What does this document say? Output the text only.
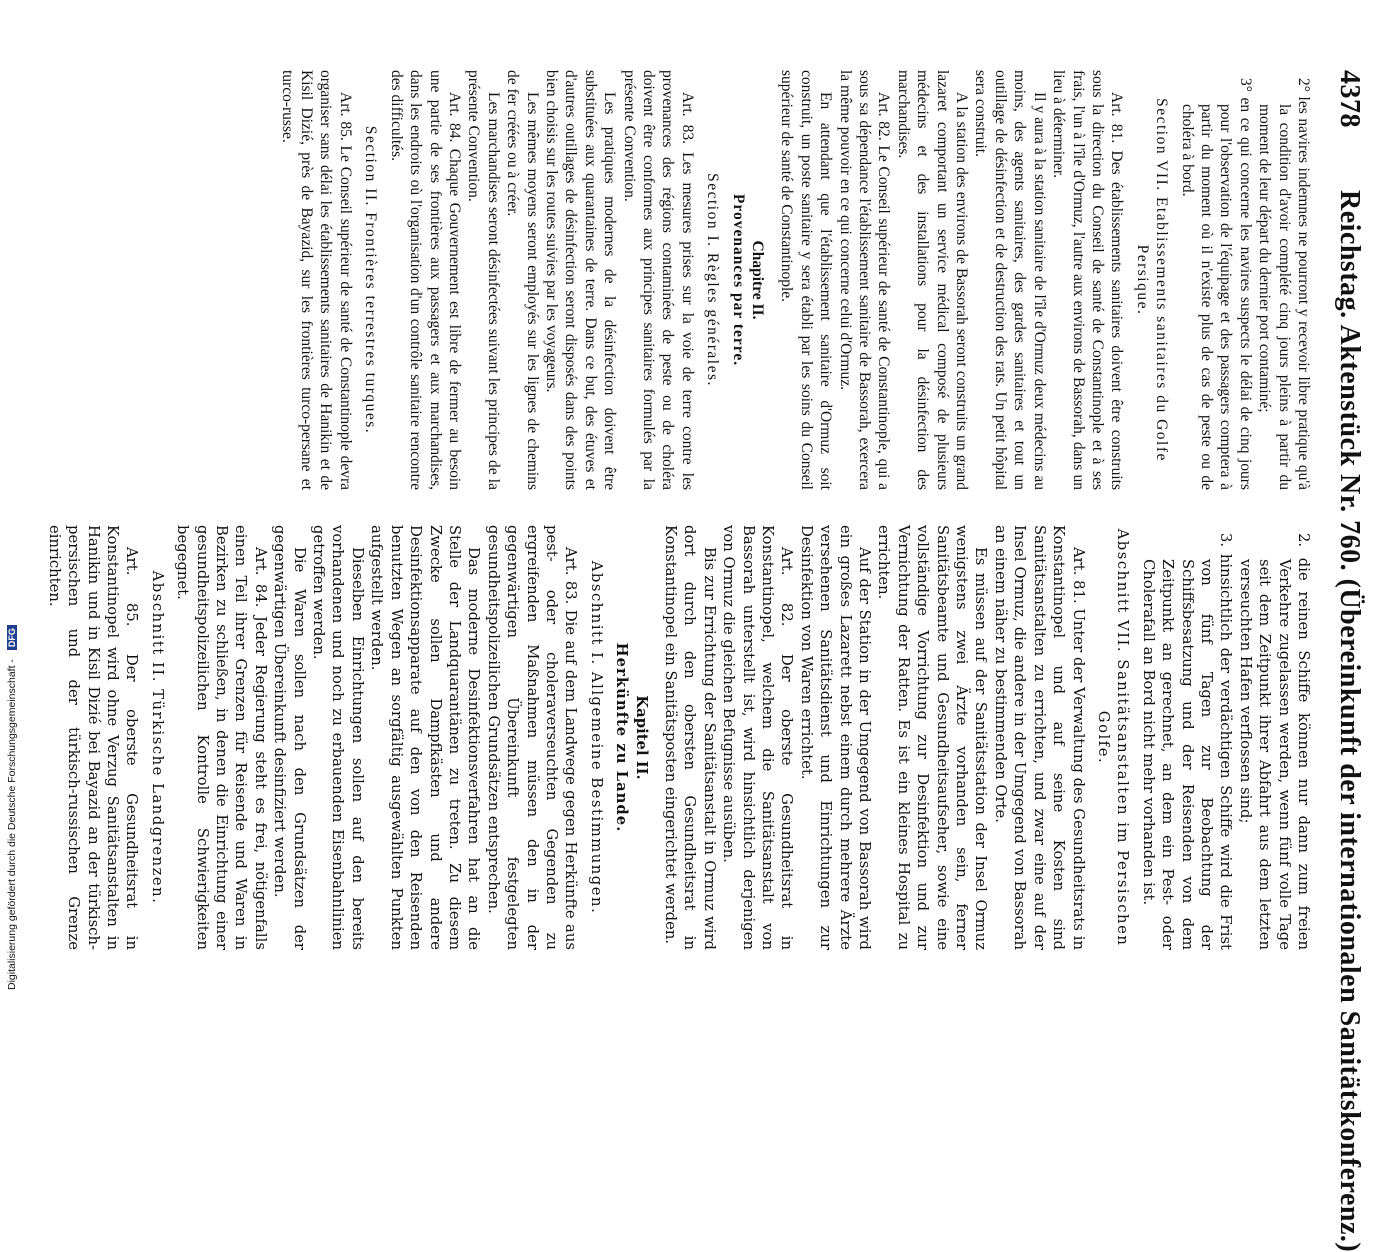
4378
Reichstag. Aktenstück Nr. 760. (Übereinkunft der internationalen Sanitätskonferenz.)

2° les navires indemnes ne pourront y recevoir libre pratique qu'à la condition d'avoir complété cinq jours pleins à partir du moment de leur départ du dernier port contaminé;

3° en ce qui concerne les navires suspects le délai de cinq jours pour l'observation de l'équipage et des passagers comptera à partir du moment où il n'existe plus de cas de peste ou de choléra à bord.

Section VII. Etablissements sanitaires du Golfe Persique.

Art. 81. Des établissements sanitaires doivent être construits sous la direction du Conseil de santé de Constantinople et à ses frais, l'un à l'île d'Ormuz, l'autre aux environs de Bassorah, dans un lieu à déterminer.

Il y aura à la station sanitaire de l'île d'Ormuz deux médecins au moins, des agents sanitaires, des gardes sanitaires et tout un outillage de désinfection et de destruction des rats. Un petit hôpital sera construit.

A la station des environs de Bassorah seront construits un grand lazaret comportant un service médical composé de plusieurs médecins et des installations pour la désinfection des marchandises.

Art. 82. Le Conseil supérieur de santé de Constantinople, qui a sous sa dépendance l'établissement sanitaire de Bassorah, exercera la même pouvoir en ce qui concerne celui d'Ormuz.

En attendant que l'établissement sanitaire d'Ormuz soit construit, un poste sanitaire y sera établi par les soins du Conseil supérieur de santé de Constantinople.

Chapitre II.

Provenances par terre.

Section I. Règles générales.

Art. 83. Les mesures prises sur la voie de terre contre les provenances des régions contaminées de peste ou de choléra doivent être conformes aux principes sanitaires formulés par la présente Convention.

Les pratiques modernes de la désinfection doivent être substituées aux quarantaines de terre. Dans ce but, des étuves et d'autres outillages de désinfection seront disposés dans des points bien choisis sur les routes suivies par les voyageurs.

Les mêmes moyens seront employés sur les lignes de chemins de fer créées ou à créer.

Les marchandises seront désinfectées suivant les principes de la présente Convention.

Art. 84. Chaque Gouvernement est libre de fermer au besoin une partie de ses frontières aux passagers et aux marchandises, dans les endroits où l'organisation d'un contrôle sanitaire rencontre des difficultés.

Section II. Frontières terrestres turques.

Art. 85. Le Conseil supérieur de santé de Constantinople devra organiser sans délai les établissements sanitaires de Hanikin et de Kisil Dizié, près de Bayazid, sur les frontières turco-persane et turco-russe.

2. die reinen Schiffe können nur dann zum freien Verkehre zugelassen werden, wenn fünf volle Tage seit dem Zeitpunkt ihrer Abfahrt aus dem letzten verseuchten Hafen verflossen sind;

3. hinsichtlich der verdächtigen Schiffe wird die Frist von fünf Tagen zur Beobachtung der Schiffsbesatzung und der Reisenden von dem Zeitpunkt an gerechnet, an dem ein Pest- oder Cholerafall an Bord nicht mehr vorhanden ist.

Abschnitt VII. Sanitätsanstalten im Persischen Golfe.

Art. 81. Unter der Verwaltung des Gesundheitsrats in Konstantinopel und auf seine Kosten sind Sanitätsanstalten zu errichten, und zwar eine auf der Insel Ormuz, die andere in der Umgegend von Bassorah an einem näher zu bestimmenden Orte.

Es müssen auf der Sanitätsstation der Insel Ormuz wenigstens zwei Ärzte vorhanden sein, ferner Sanitätsbeamte und Gesundheitsaufseher, sowie eine vollständige Vorrichtung zur Desinfektion und zur Vernichtung der Ratten. Es ist ein kleines Hospital zu errichten.

Auf der Station in der Umgegend von Bassorah wird ein großes Lazarett nebst einem durch mehrere Ärzte versehenen Sanitätsdienst und Einrichtungen zur Desinfektion von Waren errichtet.

Art. 82. Der oberste Gesundheitsrat in Konstantinopel, welchem die Sanitätsanstalt von Bassorah unterstellt ist, wird hinsichtlich derjenigen von Ormuz die gleichen Befugnisse ausüben.

Bis zur Errichtung der Sanitätsanstalt in Ormuz wird dort durch den obersten Gesundheitsrat in Konstantinopel ein Sanitätsposten eingerichtet werden.

Kapitel II.

Herkünfte zu Lande.

Abschnitt I. Allgemeine Bestimmungen.

Art. 83. Die auf dem Landwege gegen Herkünfte aus pest- oder choleraverseuchten Gegenden zu ergreifenden Maßnahmen müssen den in der gegenwärtigen Übereinkunft festgelegten gesundheitspolizeilichen Grundsätzen entsprechen.

Das moderne Desinfektionsverfahren hat an die Stelle der Landquarantänen zu treten. Zu diesem Zwecke sollen Dampfkästen und andere Desinfektionsapparate auf den von den Reisenden benutzten Wegen an sorgfältig ausgewählten Punkten aufgestellt werden.

Dieselben Einrichtungen sollen auf den bereits vorhandenen und noch zu erbauenden Eisenbahnlinien getroffen werden.

Die Waren sollen nach den Grundsätzen der gegenwärtigen Übereinkunft desinfiziert werden.

Art. 84. Jeder Regierung steht es frei, nötigenfalls einen Teil ihrer Grenzen für Reisende und Waren in Bezirken zu schließen, in denen die Einrichtung einer gesundheitspolizeilichen Kontrolle Schwierigkeiten begegnet.

Abschnitt II. Türkische Landgrenzen.

Art. 85. Der oberste Gesundheitsrat in Konstantinopel wird ohne Verzug Sanitätsanstalten in Hanikin und in Kisil Dizié bei Bayazid an der türkisch-persischen und der türkisch-russischen Grenze einrichten.

Digitalisierung gefördert durch die Deutsche Forschungsgemeinschaft - DFG
